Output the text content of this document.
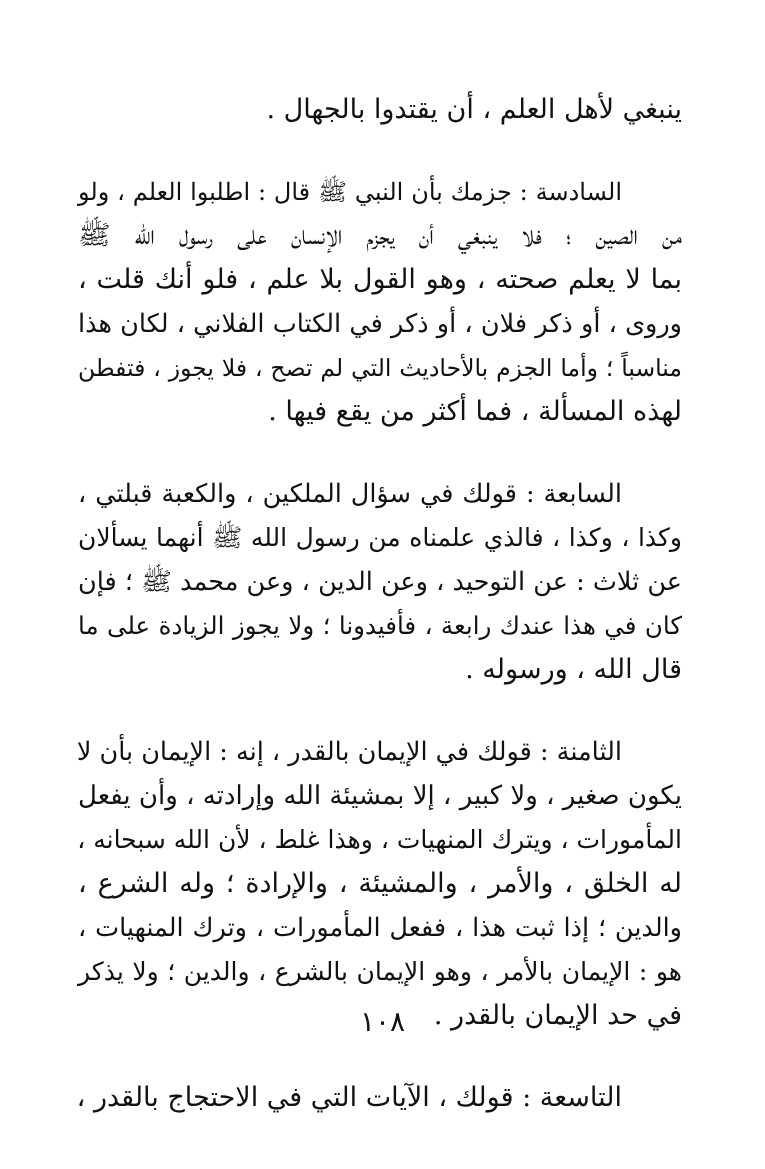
ينبغي لأهل العلم ، أن يقتدوا بالجهال .
السادسة : جزمك بأن النبي ﷺ قال : اطلبوا العلم ، ولو
من الصين ؛ فلا ينبغي أن يجزم الإنسان على رسول الله ﷺ
بما لا يعلم صحته ، وهو القول بلا علم ، فلو أنك قلت ،
وروى ، أو ذكر فلان ، أو ذكر في الكتاب الفلاني ، لكان هذا
مناسباً ؛ وأما الجزم بالأحاديث التي لم تصح ، فلا يجوز ، فتفطن
لهذه المسألة ، فما أكثر من يقع فيها .
السابعة : قولك في سؤال الملكين ، والكعبة قبلتي ،
وكذا ، وكذا ، فالذي علمناه من رسول الله ﷺ أنهما يسألان
عن ثلاث : عن التوحيد ، وعن الدين ، وعن محمد ﷺ ؛ فإن
كان في هذا عندك رابعة ، فأفيدونا ؛ ولا يجوز الزيادة على ما
قال الله ، ورسوله .
الثامنة : قولك في الإيمان بالقدر ، إنه : الإيمان بأن لا
يكون صغير ، ولا كبير ، إلا بمشيئة الله وإرادته ، وأن يفعل
المأمورات ، ويترك المنهيات ، وهذا غلط ، لأن الله سبحانه ،
له الخلق ، والأمر ، والمشيئة ، والإرادة ؛ وله الشرع ،
والدين ؛ إذا ثبت هذا ، ففعل المأمورات ، وترك المنهيات ،
هو : الإيمان بالأمر ، وهو الإيمان بالشرع ، والدين ؛ ولا يذكر
في حد الإيمان بالقدر .
التاسعة : قولك ، الآيات التي في الاحتجاج بالقدر ،
١٠٨
